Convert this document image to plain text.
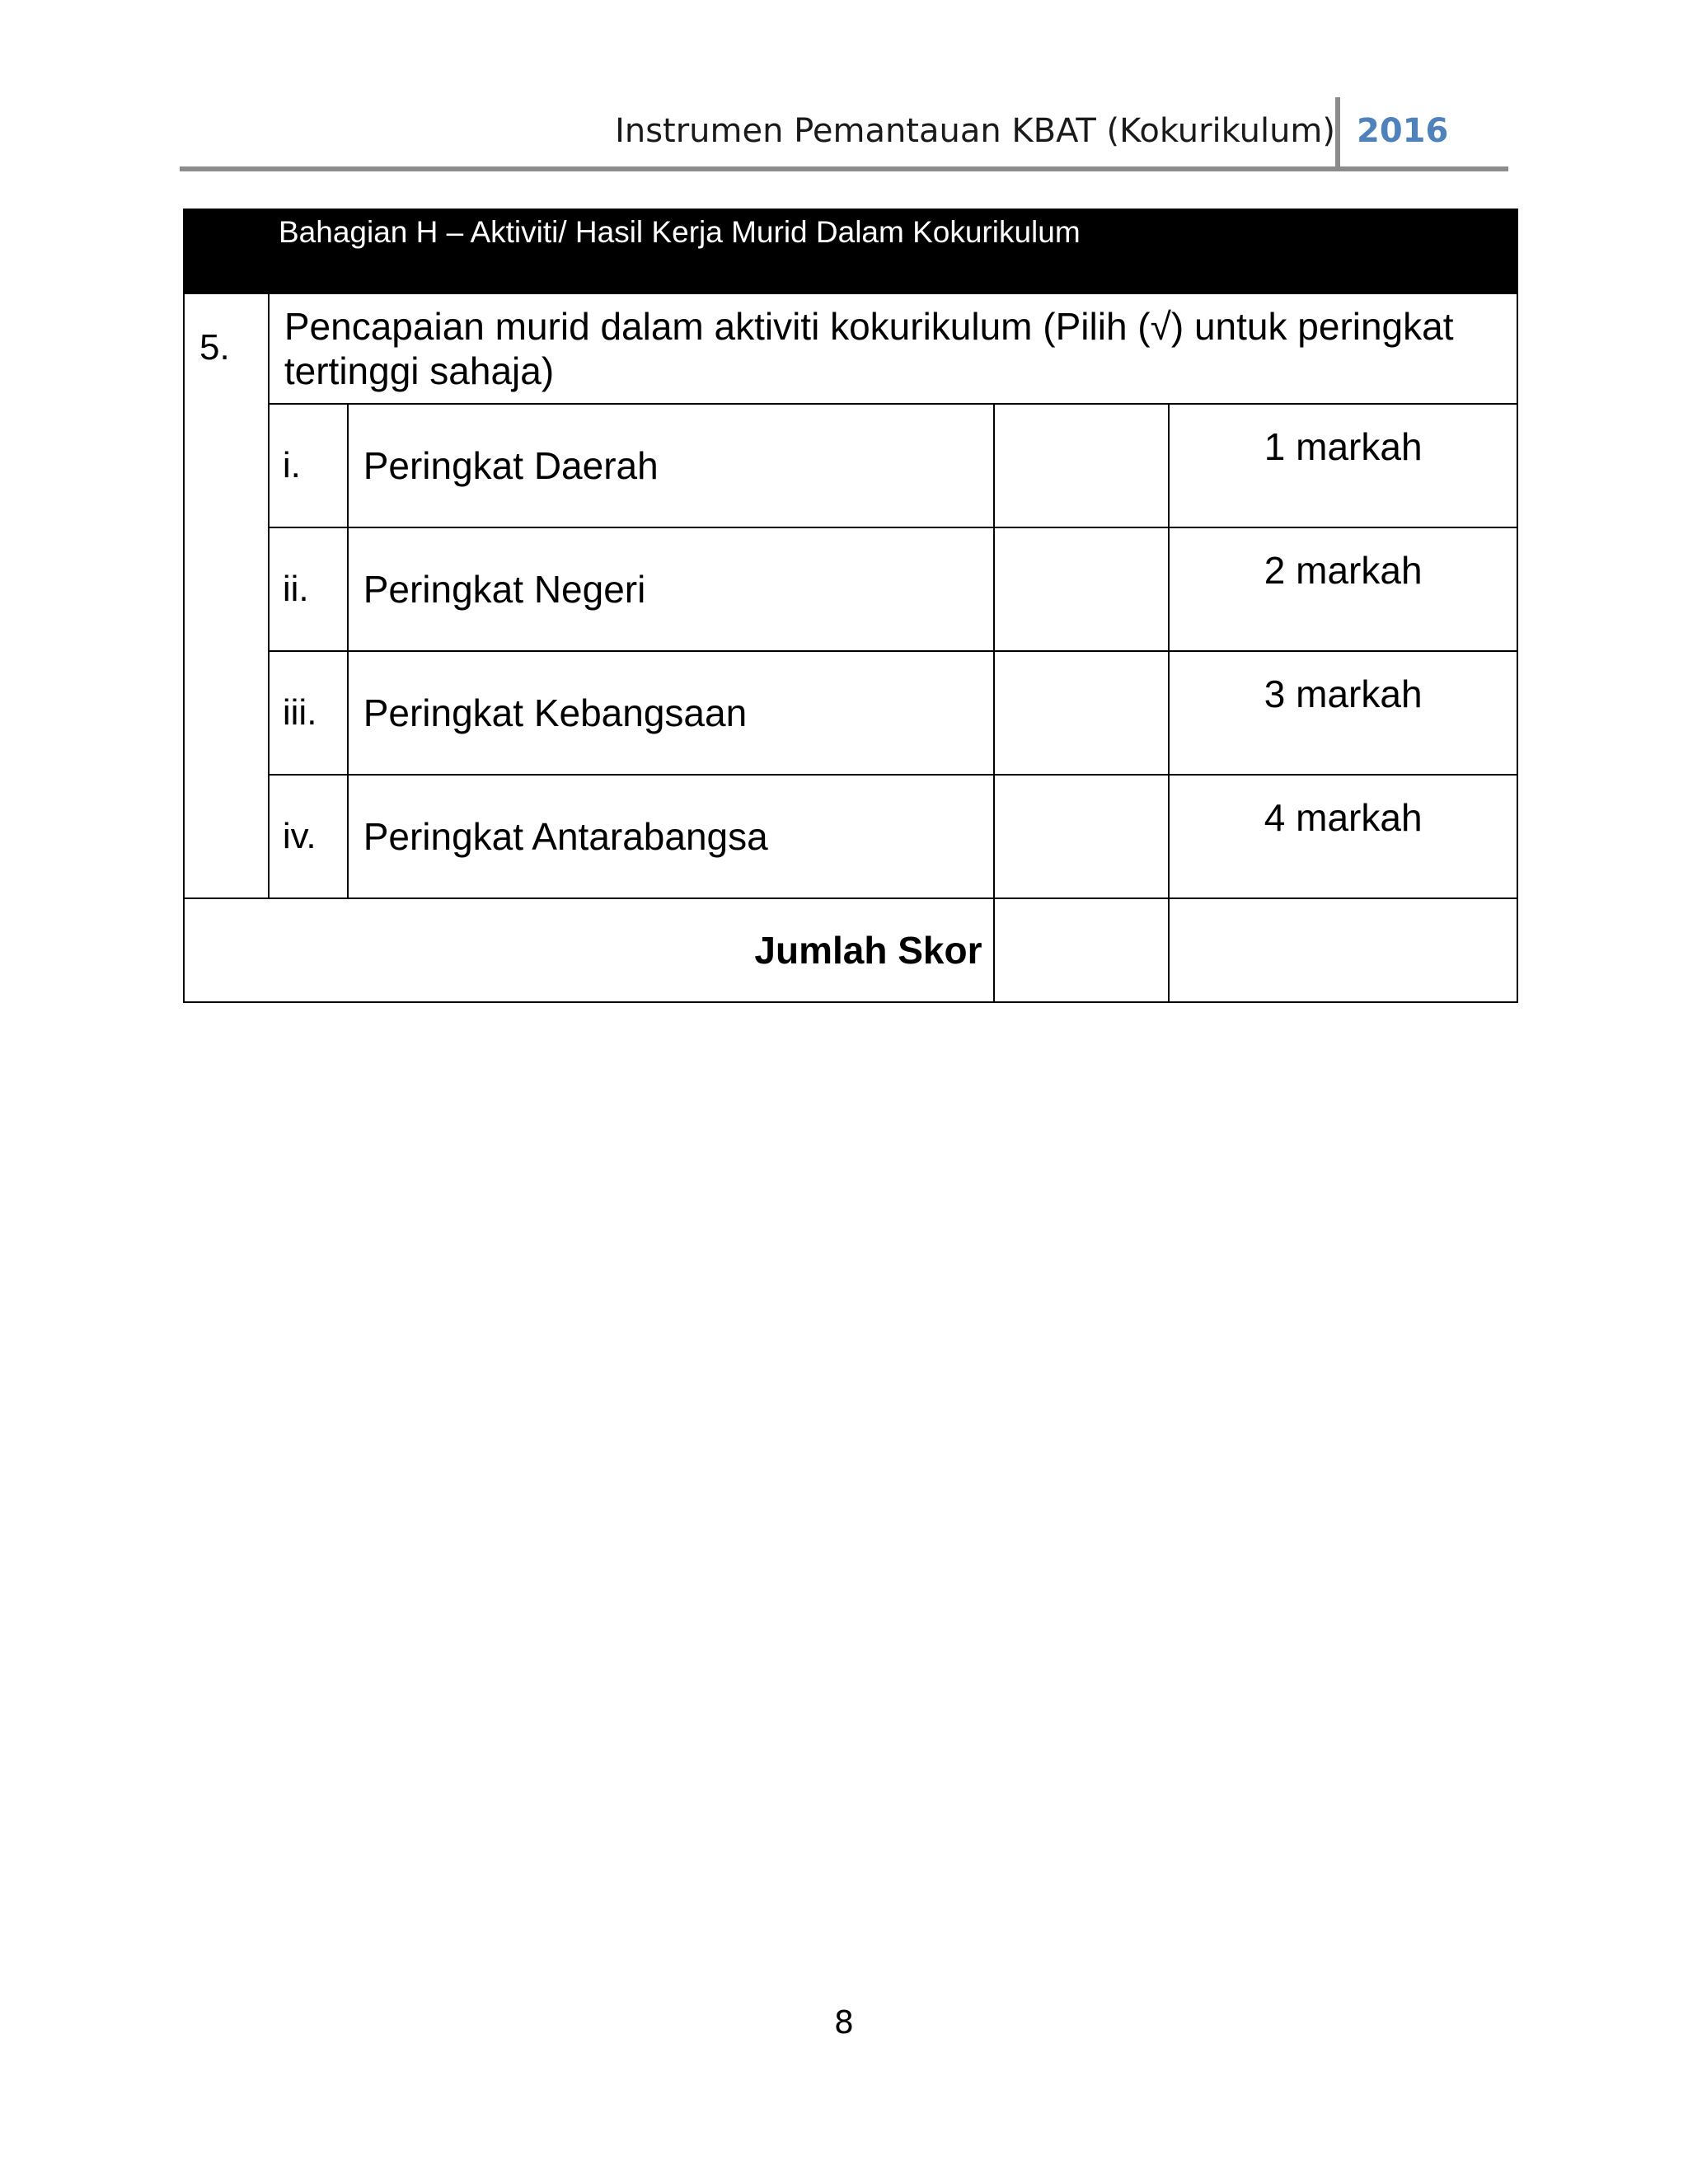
Instrumen Pemantauan KBAT (Kokurikulum) 2016
Bahagian H – Aktiviti/ Hasil Kerja Murid Dalam Kokurikulum				
5.	Pencapaian murid dalam aktiviti kokurikulum (Pilih (√) untuk peringkat tertinggi sahaja)			
	i.	Peringkat Daerah		1 markah
	ii.	Peringkat Negeri		2 markah
	iii.	Peringkat Kebangsaan		3 markah
	iv.	Peringkat Antarabangsa		4 markah
Jumlah Skor				
8
